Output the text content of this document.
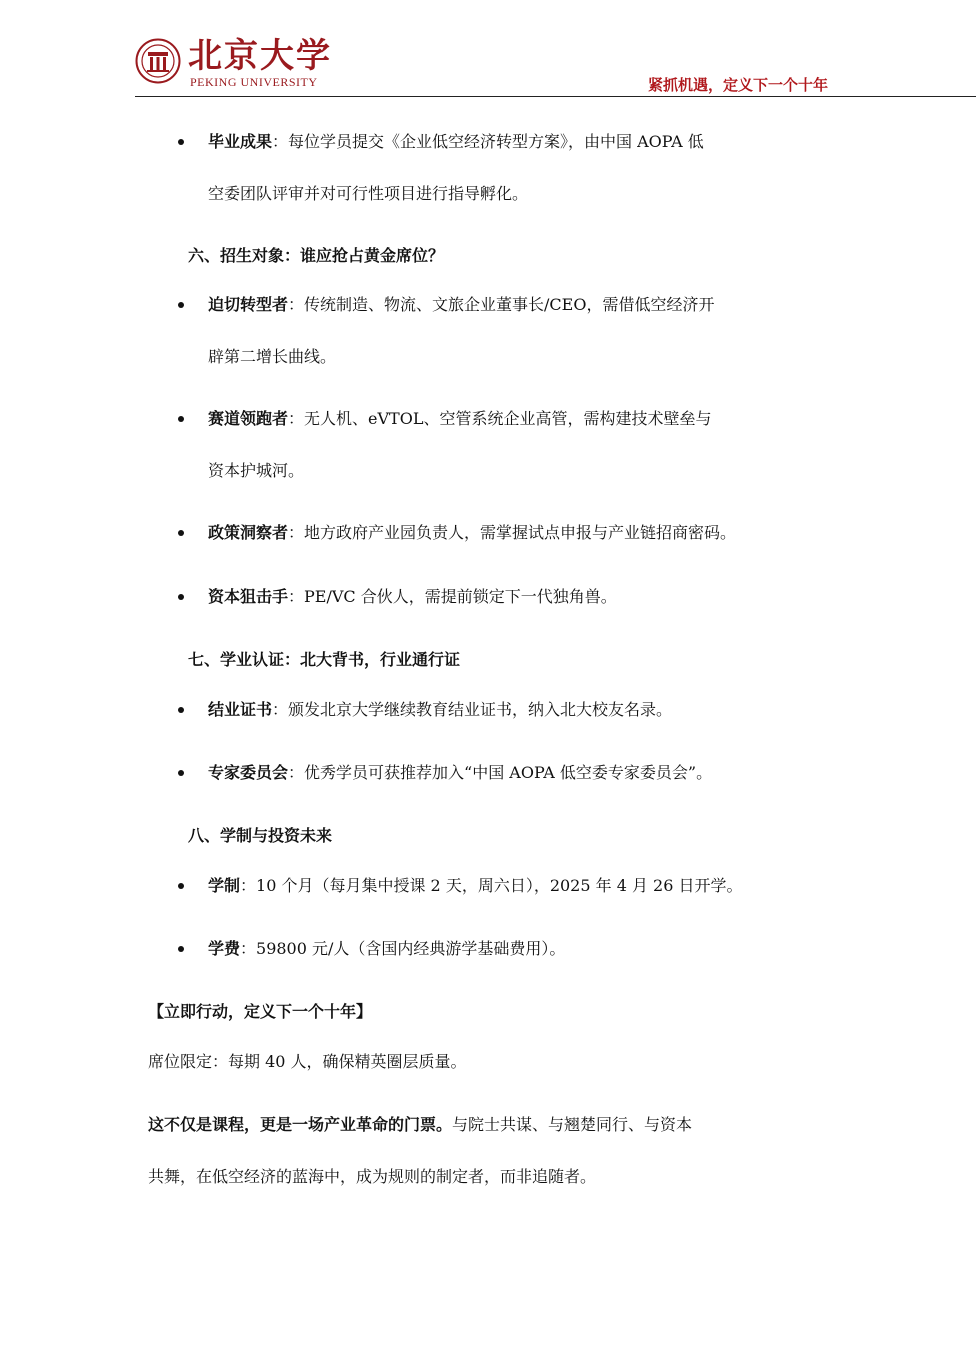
北京大学
PEKING UNIVERSITY	紧抓机遇，定义下一个十年
毕业成果：每位学员提交《企业低空经济转型方案》，由中国 AOPA 低
空委团队评审并对可行性项目进行指导孵化。
六、招生对象：谁应抢占黄金席位？
迫切转型者：传统制造、物流、文旅企业董事长/CEO，需借低空经济开
辟第二增长曲线。
赛道领跑者：无人机、eVTOL、空管系统企业高管，需构建技术壁垒与
资本护城河。
政策洞察者：地方政府产业园负责人，需掌握试点申报与产业链招商密码。
资本狙击手：PE/VC 合伙人，需提前锁定下一代独角兽。
七、学业认证：北大背书，行业通行证
结业证书：颁发北京大学继续教育结业证书，纳入北大校友名录。
专家委员会：优秀学员可获推荐加入“中国 AOPA 低空委专家委员会”。
八、学制与投资未来
学制：10 个月（每月集中授课 2 天，周六日），2025 年 4 月 26 日开学。
学费：59800 元/人（含国内经典游学基础费用）。
【立即行动，定义下一个十年】
席位限定：每期 40 人，确保精英圈层质量。
这不仅是课程，更是一场产业革命的门票。与院士共谋、与翘楚同行、与资本
共舞，在低空经济的蓝海中，成为规则的制定者，而非追随者。
